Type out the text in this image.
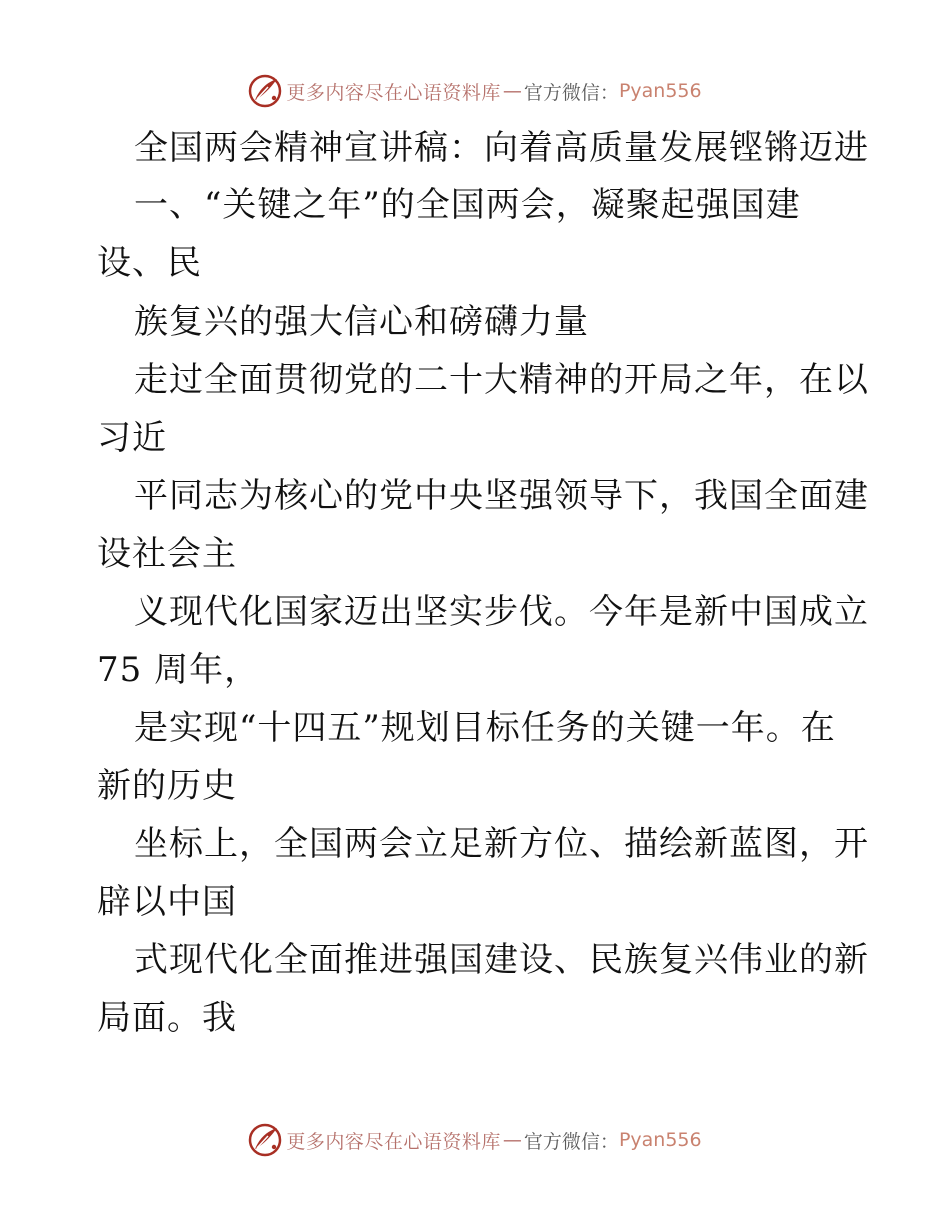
更多内容尽在心语资料库 — 官方微信： Pyan556
全国两会精神宣讲稿：向着高质量发展铿锵迈进
一、“关键之年”的全国两会，凝聚起强国建
设、民
族复兴的强大信心和磅礴力量
走过全面贯彻党的二十大精神的开局之年，在以
习近
平同志为核心的党中央坚强领导下，我国全面建
设社会主
义现代化国家迈出坚实步伐。今年是新中国成立
75 周年，
是实现“十四五”规划目标任务的关键一年。在
新的历史
坐标上，全国两会立足新方位、描绘新蓝图，开
辟以中国
式现代化全面推进强国建设、民族复兴伟业的新
局面。我
更多内容尽在心语资料库 — 官方微信： Pyan556
